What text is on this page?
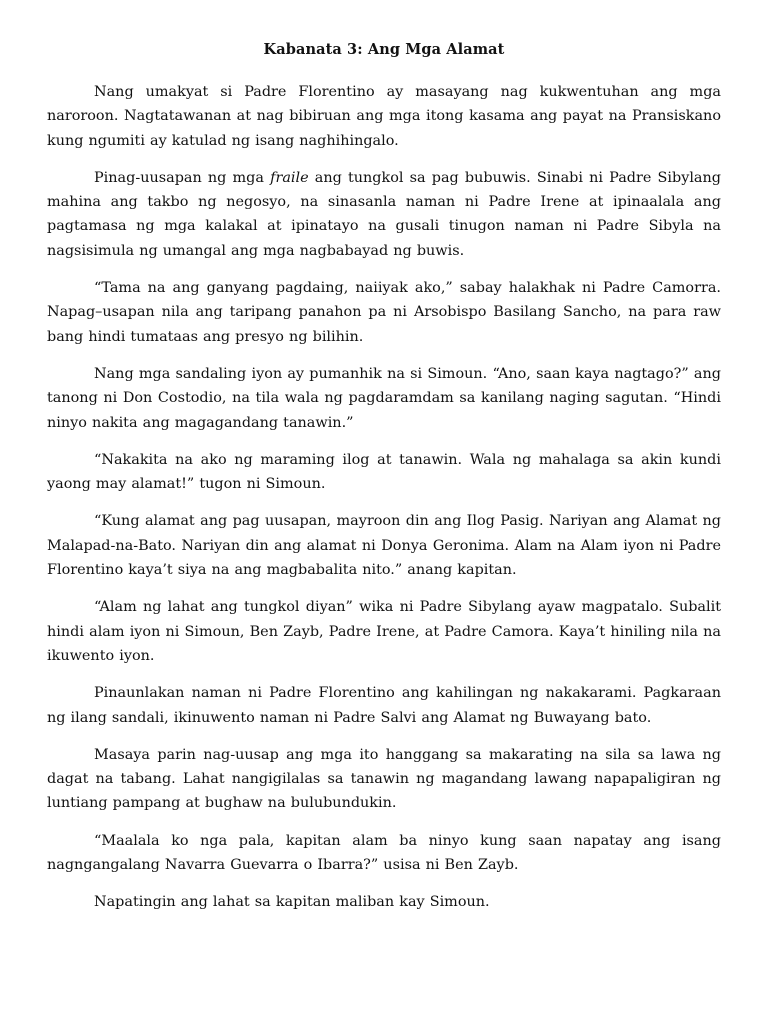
Kabanata 3: Ang Mga Alamat

Nang umakyat si Padre Florentino ay masayang nag kukwentuhan ang mga naroroon. Nagtatawanan at nag bibiruan ang mga itong kasama ang payat na Pransiskano kung ngumiti ay katulad ng isang naghihingalo.

Pinag-uusapan ng mga fraile ang tungkol sa pag bubuwis. Sinabi ni Padre Sibylang mahina ang takbo ng negosyo, na sinasanla naman ni Padre Irene at ipinaalala ang pagtamasa ng mga kalakal at ipinatayo na gusali tinugon naman ni Padre Sibyla na nagsisimula ng umangal ang mga nagbabayad ng buwis.

“Tama na ang ganyang pagdaing, naiiyak ako,” sabay halakhak ni Padre Camorra. Napag–usapan nila ang taripang panahon pa ni Arsobispo Basilang Sancho, na para raw bang hindi tumataas ang presyo ng bilihin.

Nang mga sandaling iyon ay pumanhik na si Simoun. “Ano, saan kaya nagtago?” ang tanong ni Don Costodio, na tila wala ng pagdaramdam sa kanilang naging sagutan. “Hindi ninyo nakita ang magagandang tanawin.”

“Nakakita na ako ng maraming ilog at tanawin. Wala ng mahalaga sa akin kundi yaong may alamat!” tugon ni Simoun.

“Kung alamat ang pag uusapan, mayroon din ang Ilog Pasig. Nariyan ang Alamat ng Malapad-na-Bato. Nariyan din ang alamat ni Donya Geronima. Alam na Alam iyon ni Padre Florentino kaya’t siya na ang magbabalita nito.” anang kapitan.

“Alam ng lahat ang tungkol diyan” wika ni Padre Sibylang ayaw magpatalo. Subalit hindi alam iyon ni Simoun, Ben Zayb, Padre Irene, at Padre Camora. Kaya’t hiniling nila na ikuwento iyon.

Pinaunlakan naman ni Padre Florentino ang kahilingan ng nakakarami. Pagkaraan ng ilang sandali, ikinuwento naman ni Padre Salvi ang Alamat ng Buwayang bato.

Masaya parin nag-uusap ang mga ito hanggang sa makarating na sila sa lawa ng dagat na tabang. Lahat nangigilalas sa tanawin ng magandang lawang napapaligiran ng luntiang pampang at bughaw na bulubundukin.

“Maalala ko nga pala, kapitan alam ba ninyo kung saan napatay ang isang nagngangalang Navarra Guevarra o Ibarra?” usisa ni Ben Zayb.

Napatingin ang lahat sa kapitan maliban kay Simoun.
